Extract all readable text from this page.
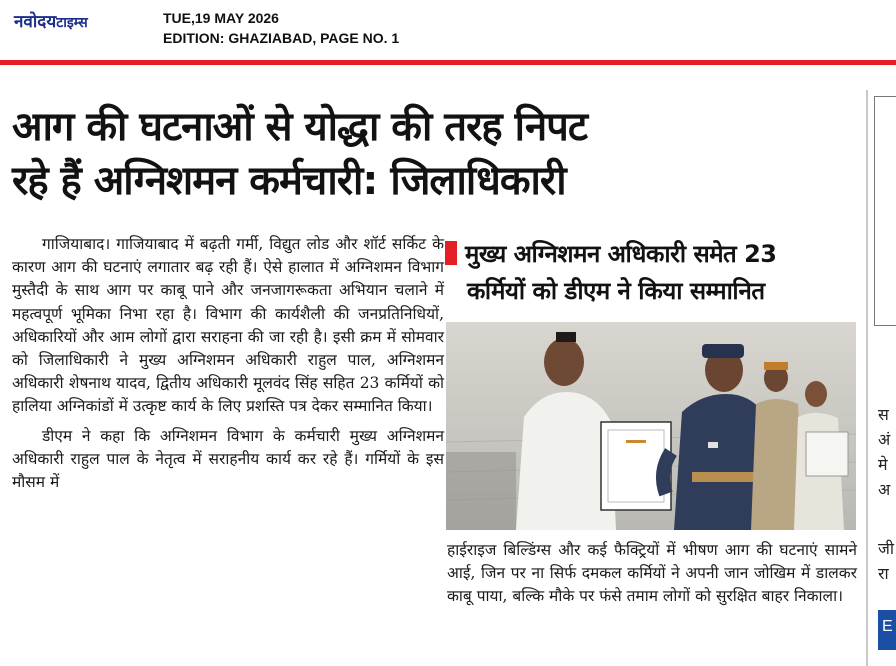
नवोदयटाइम्स	TUE,19 MAY 2026
EDITION: GHAZIABAD, PAGE NO. 1
आग की घटनाओं से योद्धा की तरह निपट
रहे हैं अग्निशमन कर्मचारी: जिलाधिकारी

गाजियाबाद। गाजियाबाद में बढ़ती गर्मी, विद्युत लोड और शॉर्ट सर्किट के कारण आग की घटनाएं लगातार बढ़ रही हैं। ऐसे हालात में अग्निशमन विभाग मुस्तैदी के साथ आग पर काबू पाने और जनजागरूकता अभियान चलाने में महत्वपूर्ण भूमिका निभा रहा है। विभाग की कार्यशैली की जनप्रतिनिधियों, अधिकारियों और आम लोगों द्वारा सराहना की जा रही है। इसी क्रम में सोमवार को जिलाधिकारी ने मुख्य अग्निशमन अधिकारी राहुल पाल, अग्निशमन अधिकारी शेषनाथ यादव, द्वितीय अधिकारी मूलवंद सिंह सहित 23 कर्मियों को हालिया अग्निकांडों में उत्कृष्ट कार्य के लिए प्रशस्ति पत्र देकर सम्मानित किया।

डीएम ने कहा कि अग्निशमन विभाग के कर्मचारी मुख्य अग्निशमन अधिकारी राहुल पाल के नेतृत्व में सराहनीय कार्य कर रहे हैं। गर्मियों के इस मौसम में

मुख्य अग्निशमन अधिकारी समेत 23
कर्मियों को डीएम ने किया सम्मानित
हाईराइज बिल्डिंग्स और कई फैक्ट्रियों में भीषण आग की घटनाएं सामने आई, जिन पर ना सिर्फ दमकल कर्मियों ने अपनी जान जोखिम में डालकर काबू पाया, बल्कि मौके पर फंसे तमाम लोगों को सुरक्षित बाहर निकाला।
स
अं
मे
अ
जी
रा
E
